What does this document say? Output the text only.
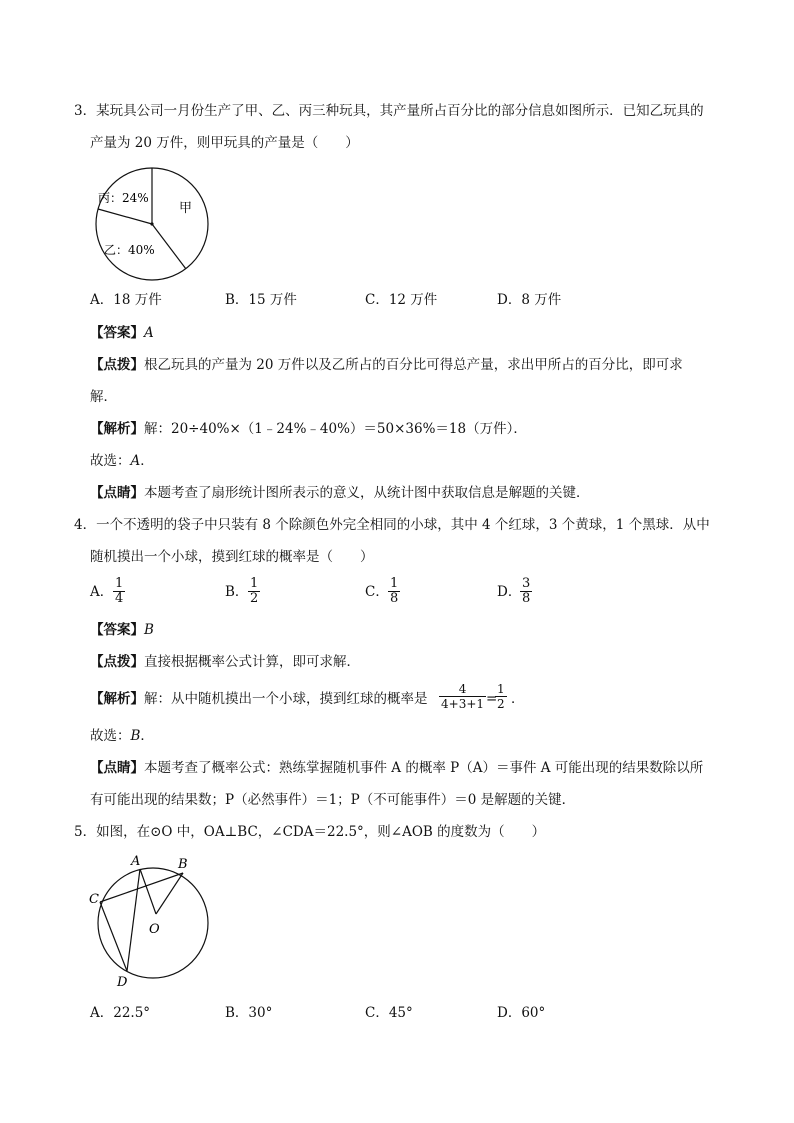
3．某玩具公司一月份生产了甲、乙、丙三种玩具，其产量所占百分比的部分信息如图所示．已知乙玩具的
产量为 20 万件，则甲玩具的产量是（　　）
丙：24%
甲
乙：40%
A．18 万件	B．15 万件	C．12 万件	D．8 万件
【答案】A
【点拨】根乙玩具的产量为 20 万件以及乙所占的百分比可得总产量，求出甲所占的百分比，即可求
解．
【解析】解：20÷40%×（1﹣24%﹣40%）＝50×36%＝18（万件）．
故选：A．
【点睛】本题考查了扇形统计图所表示的意义，从统计图中获取信息是解题的关键．
4．一个不透明的袋子中只装有 8 个除颜色外完全相同的小球，其中 4 个红球，3 个黄球，1 个黑球．从中
随机摸出一个小球，摸到红球的概率是（　　）
A． $\frac{1}{4}$	B． $\frac{1}{2}$	C． $\frac{1}{8}$	D．
$\frac{3}{8}$
【答案】B
【点拨】直接根据概率公式计算，即可求解．
【解析】解：从中随机摸出一个小球，摸到红球的概率是 $\frac{4}{4+3+1}$ =
$\frac{1}{2}$ ．
故选：B．
【点睛】本题考查了概率公式：熟练掌握随机事件 A 的概率 P（A）＝事件 A 可能出现的结果数除以所
有可能出现的结果数；P（必然事件）＝1；P（不可能事件）＝0 是解题的关键．
5．如图，在⊙O 中，OA⊥BC，∠CDA＝22.5°，则∠AOB 的度数为（　　）
A	B
C
O
D
A．22.5°	B．30°	C．45°	D．60°
